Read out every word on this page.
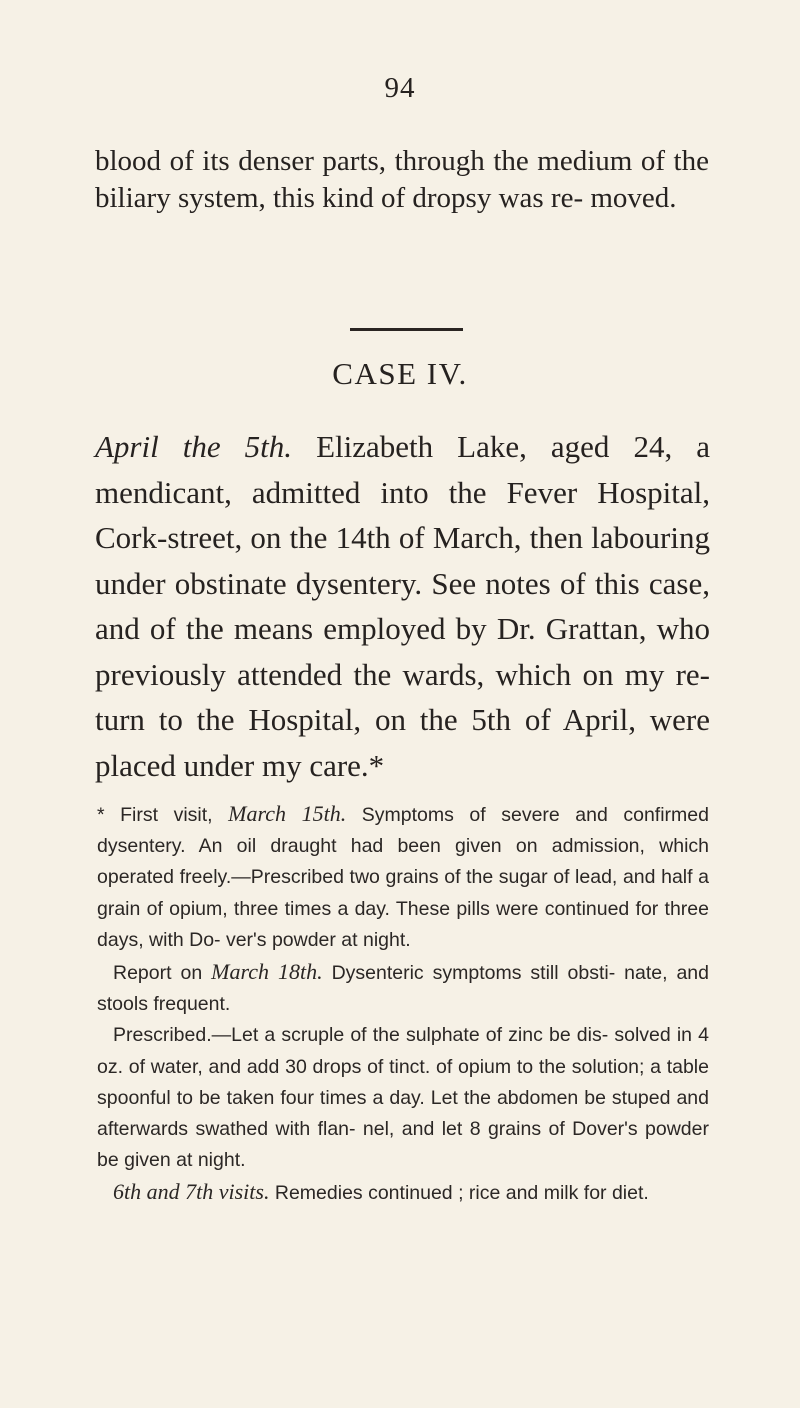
94

blood of its denser parts, through the medium of the biliary system, this kind of dropsy was re- moved.

CASE IV.

April the 5th. Elizabeth Lake, aged 24, a mendicant, admitted into the Fever Hospital, Cork-street, on the 14th of March, then labouring under obstinate dysentery. See notes of this case, and of the means employed by Dr. Grattan, who previously attended the wards, which on my re- turn to the Hospital, on the 5th of April, were placed under my care.*

* First visit, March 15th. Symptoms of severe and confirmed dysentery. An oil draught had been given on admission, which operated freely.—Prescribed two grains of the sugar of lead, and half a grain of opium, three times a day. These pills were continued for three days, with Do- ver's powder at night.

Report on March 18th. Dysenteric symptoms still obsti- nate, and stools frequent.

Prescribed.—Let a scruple of the sulphate of zinc be dis- solved in 4 oz. of water, and add 30 drops of tinct. of opium to the solution; a table spoonful to be taken four times a day. Let the abdomen be stuped and afterwards swathed with flan- nel, and let 8 grains of Dover's powder be given at night.

6th and 7th visits. Remedies continued ; rice and milk for diet.
